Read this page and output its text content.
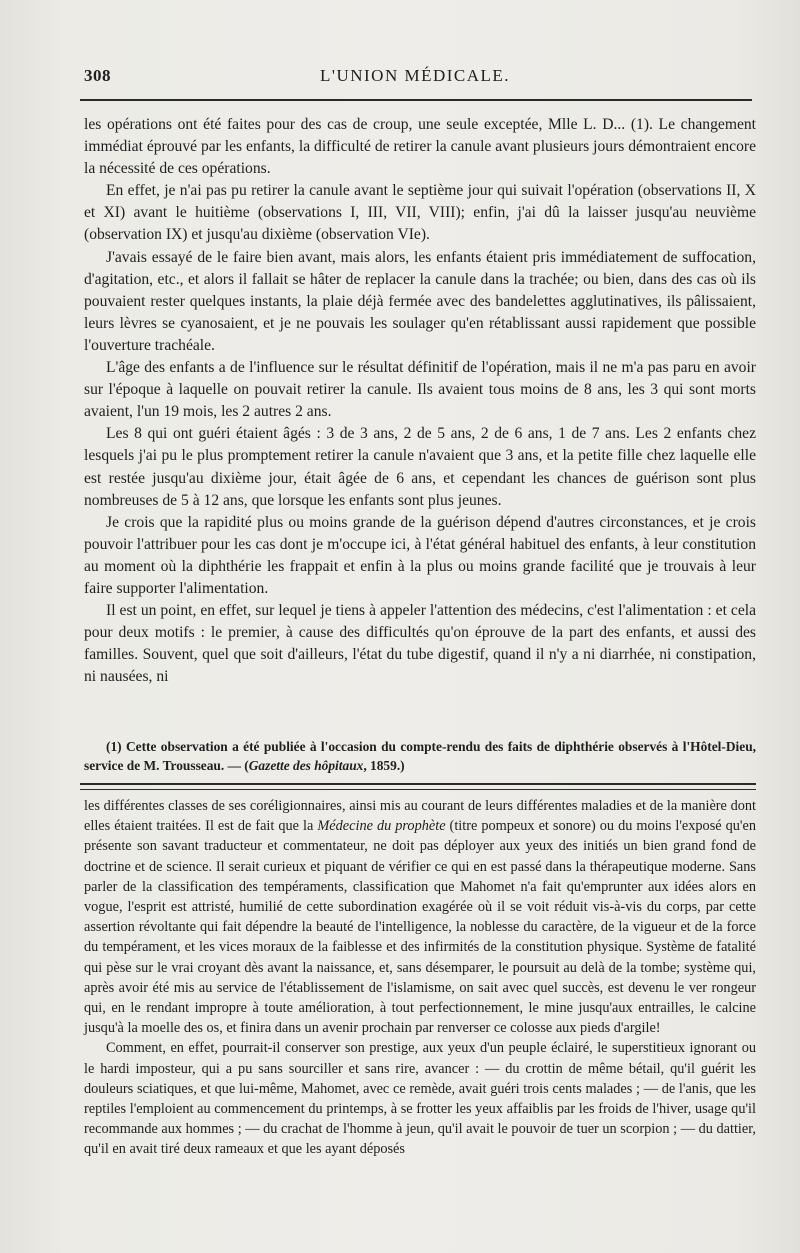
308	L'UNION MÉDICALE.

les opérations ont été faites pour des cas de croup, une seule exceptée, Mlle L. D... (1). Le changement immédiat éprouvé par les enfants, la difficulté de retirer la canule avant plusieurs jours démontraient encore la nécessité de ces opérations.

En effet, je n'ai pas pu retirer la canule avant le septième jour qui suivait l'opération (observations II, X et XI) avant le huitième (observations I, III, VII, VIII); enfin, j'ai dû la laisser jusqu'au neuvième (observation IX) et jusqu'au dixième (observation VIe).

J'avais essayé de le faire bien avant, mais alors, les enfants étaient pris immédiatement de suffocation, d'agitation, etc., et alors il fallait se hâter de replacer la canule dans la trachée; ou bien, dans des cas où ils pouvaient rester quelques instants, la plaie déjà fermée avec des bandelettes agglutinatives, ils pâlissaient, leurs lèvres se cyanosaient, et je ne pouvais les soulager qu'en rétablissant aussi rapidement que possible l'ouverture trachéale.

L'âge des enfants a de l'influence sur le résultat définitif de l'opération, mais il ne m'a pas paru en avoir sur l'époque à laquelle on pouvait retirer la canule. Ils avaient tous moins de 8 ans, les 3 qui sont morts avaient, l'un 19 mois, les 2 autres 2 ans.

Les 8 qui ont guéri étaient âgés : 3 de 3 ans, 2 de 5 ans, 2 de 6 ans, 1 de 7 ans. Les 2 enfants chez lesquels j'ai pu le plus promptement retirer la canule n'avaient que 3 ans, et la petite fille chez laquelle elle est restée jusqu'au dixième jour, était âgée de 6 ans, et cependant les chances de guérison sont plus nombreuses de 5 à 12 ans, que lorsque les enfants sont plus jeunes.

Je crois que la rapidité plus ou moins grande de la guérison dépend d'autres circonstances, et je crois pouvoir l'attribuer pour les cas dont je m'occupe ici, à l'état général habituel des enfants, à leur constitution au moment où la diphthérie les frappait et enfin à la plus ou moins grande facilité que je trouvais à leur faire supporter l'alimentation.

Il est un point, en effet, sur lequel je tiens à appeler l'attention des médecins, c'est l'alimentation : et cela pour deux motifs : le premier, à cause des difficultés qu'on éprouve de la part des enfants, et aussi des familles. Souvent, quel que soit d'ailleurs, l'état du tube digestif, quand il n'y a ni diarrhée, ni constipation, ni nausées, ni

(1) Cette observation a été publiée à l'occasion du compte-rendu des faits de diphthérie observés à l'Hôtel-Dieu, service de M. Trousseau. — (Gazette des hôpitaux, 1859.)

les différentes classes de ses coréligionnaires, ainsi mis au courant de leurs différentes maladies et de la manière dont elles étaient traitées. Il est de fait que la Médecine du prophète (titre pompeux et sonore) ou du moins l'exposé qu'en présente son savant traducteur et commentateur, ne doit pas déployer aux yeux des initiés un bien grand fond de doctrine et de science. Il serait curieux et piquant de vérifier ce qui en est passé dans la thérapeutique moderne. Sans parler de la classification des tempéraments, classification que Mahomet n'a fait qu'emprunter aux idées alors en vogue, l'esprit est attristé, humilié de cette subordination exagérée où il se voit réduit vis-à-vis du corps, par cette assertion révoltante qui fait dépendre la beauté de l'intelligence, la noblesse du caractère, de la vigueur et de la force du tempérament, et les vices moraux de la faiblesse et des infirmités de la constitution physique. Système de fatalité qui pèse sur le vrai croyant dès avant la naissance, et, sans désemparer, le poursuit au delà de la tombe; système qui, après avoir été mis au service de l'établissement de l'islamisme, on sait avec quel succès, est devenu le ver rongeur qui, en le rendant impropre à toute amélioration, à tout perfectionnement, le mine jusqu'aux entrailles, le calcine jusqu'à la moelle des os, et finira dans un avenir prochain par renverser ce colosse aux pieds d'argile!

Comment, en effet, pourrait-il conserver son prestige, aux yeux d'un peuple éclairé, le superstitieux ignorant ou le hardi imposteur, qui a pu sans sourciller et sans rire, avancer : — du crottin de même bétail, qu'il guérit les douleurs sciatiques, et que lui-même, Mahomet, avec ce remède, avait guéri trois cents malades ; — de l'anis, que les reptiles l'emploient au commencement du printemps, à se frotter les yeux affaiblis par les froids de l'hiver, usage qu'il recommande aux hommes ; — du crachat de l'homme à jeun, qu'il avait le pouvoir de tuer un scorpion ; — du dattier, qu'il en avait tiré deux rameaux et que les ayant déposés
